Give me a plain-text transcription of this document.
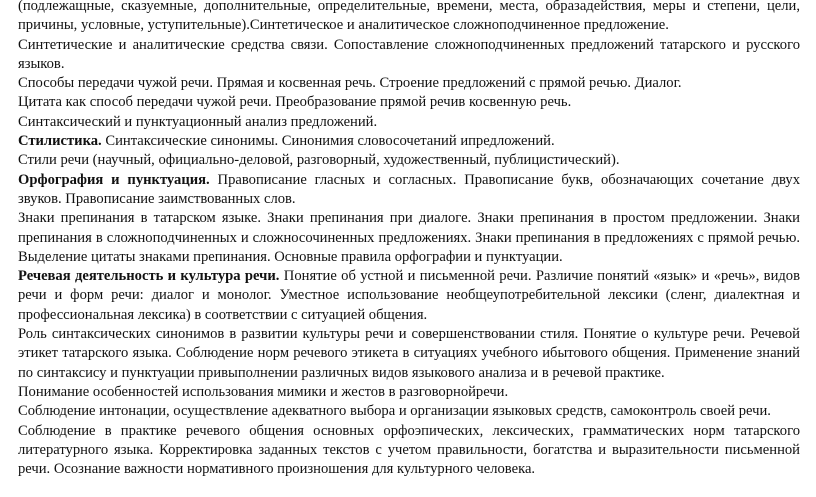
(подлежащные, сказуемные, дополнительные, определительные, времени, места, образадействия, меры и степени, цели, причины, условные, уступительные).Синтетическое и аналитическое сложноподчиненное предложение.

Синтетические и аналитические средства связи. Сопоставление сложноподчиненных предложений татарского и русского языков.

Способы передачи чужой речи. Прямая и косвенная речь. Строение предложений с прямой речью. Диалог.

Цитата как способ передачи чужой речи. Преобразование прямой речив косвенную речь.

Синтаксический и пунктуационный анализ предложений.

Стилистика. Синтаксические синонимы. Синонимия словосочетаний ипредложений.

Стили речи (научный, официально-деловой, разговорный, художественный, публицистический).

Орфография и пунктуация. Правописание гласных и согласных. Правописание букв, обозначающих сочетание двух звуков. Правописание заимствованных слов.

Знаки препинания в татарском языке. Знаки препинания при диалоге. Знаки препинания в простом предложении. Знаки препинания в сложноподчиненных и сложносочиненных предложениях. Знаки препинания в предложениях с прямой речью. Выделение цитаты знаками препинания. Основные правила орфографии и пунктуации.

Речевая деятельность и культура речи. Понятие об устной и письменной речи. Различие понятий «язык» и «речь», видов речи и форм речи: диалог и монолог. Уместное использование необщеупотребительной лексики (сленг, диалектная и профессиональная лексика) в соответствии с ситуацией общения.

Роль синтаксических синонимов в развитии культуры речи и совершенствовании стиля. Понятие о культуре речи. Речевой этикет татарского языка. Соблюдение норм речевого этикета в ситуациях учебного ибытового общения. Применение знаний по синтаксису и пунктуации привыполнении различных видов языкового анализа и в речевой практике.

Понимание особенностей использования мимики и жестов в разговорнойречи.

Соблюдение интонации, осуществление адекватного выбора и организации языковых средств, самоконтроль своей речи.

Соблюдение в практике речевого общения основных орфоэпических, лексических, грамматических норм татарского литературного языка. Корректировка заданных текстов с учетом правильности, богатства и выразительности письменной речи. Осознание важности нормативного произношения для культурного человека.
